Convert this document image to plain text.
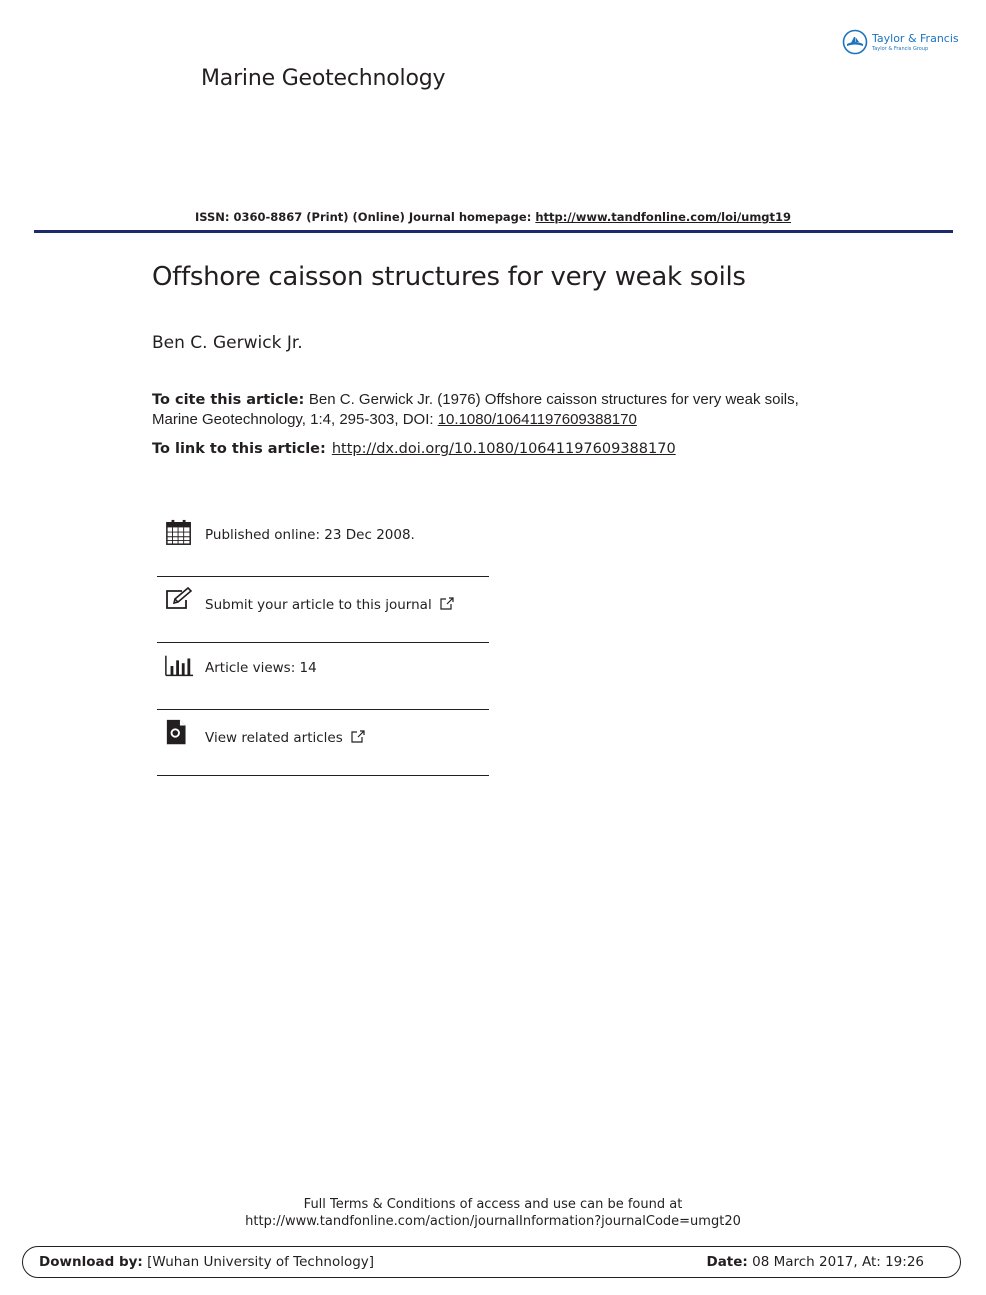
Taylor & Francis
Taylor & Francis Group
Marine Geotechnology
ISSN: 0360-8867 (Print) (Online) Journal homepage: http://www.tandfonline.com/loi/umgt19
Offshore caisson structures for very weak soils
Ben C. Gerwick Jr.
To cite this article: Ben C. Gerwick Jr. (1976) Offshore caisson structures for very weak soils,
Marine Geotechnology, 1:4, 295-303, DOI: 10.1080/10641197609388170
To link to this article: http://dx.doi.org/10.1080/10641197609388170
Published online: 23 Dec 2008.
Submit your article to this journal
Article views: 14
View related articles
Full Terms & Conditions of access and use can be found at
http://www.tandfonline.com/action/journalInformation?journalCode=umgt20
Download by: [Wuhan University of Technology]	Date: 08 March 2017, At: 19:26
